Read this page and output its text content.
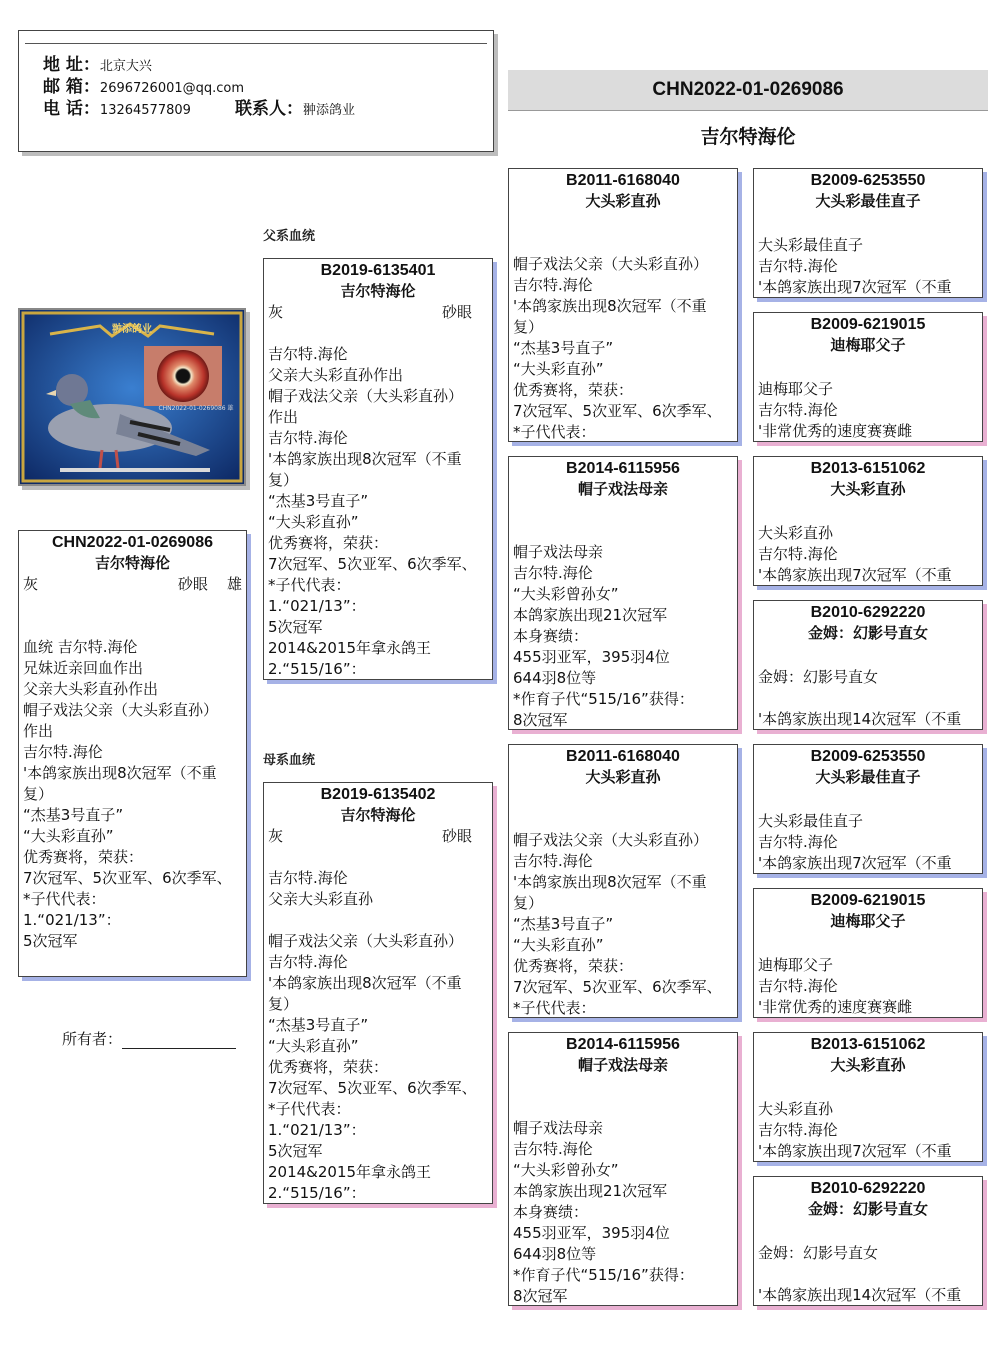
地 址：北京大兴
邮 箱：2696726001@qq.com
电 话：13264577809	联系人：翀添鸽业
CHN2022-01-0269086
吉尔特海伦
翀添鸽业
CHN2022-01-0269086 雄
CHN2022-01-0269086
吉尔特海伦
灰	砂眼 雄
血统 吉尔特.海伦
兄妹近亲回血作出
父亲大头彩直孙作出
帽子戏法父亲（大头彩直孙）
作出
吉尔特.海伦
'本鸽家族出现8次冠军（不重
复）
“杰基3号直子”
“大头彩直孙”
优秀赛将，荣获：
7次冠军、5次亚军、6次季军、
*子代代表：
1.“021/13”：
5次冠军
所有者：
父系血统
母系血统
B2019-6135401
吉尔特海伦
灰	砂眼
吉尔特.海伦
父亲大头彩直孙作出
帽子戏法父亲（大头彩直孙）
作出
吉尔特.海伦
'本鸽家族出现8次冠军（不重
复）
“杰基3号直子”
“大头彩直孙”
优秀赛将，荣获：
7次冠军、5次亚军、6次季军、
*子代代表：
1.“021/13”：
5次冠军
2014&2015年拿永鸽王
2.“515/16”：
B2019-6135402
吉尔特海伦
灰	砂眼
吉尔特.海伦
父亲大头彩直孙
帽子戏法父亲（大头彩直孙）
吉尔特.海伦
'本鸽家族出现8次冠军（不重
复）
“杰基3号直子”
“大头彩直孙”
优秀赛将，荣获：
7次冠军、5次亚军、6次季军、
*子代代表：
1.“021/13”：
5次冠军
2014&2015年拿永鸽王
2.“515/16”：
B2011-6168040
大头彩直孙
帽子戏法父亲（大头彩直孙）
吉尔特.海伦
'本鸽家族出现8次冠军（不重
复）
“杰基3号直子”
“大头彩直孙”
优秀赛将，荣获：
7次冠军、5次亚军、6次季军、
*子代代表：
B2014-6115956
帽子戏法母亲
帽子戏法母亲
吉尔特.海伦
“大头彩曾孙女”
本鸽家族出现21次冠军
本身赛绩：
455羽亚军，395羽4位
644羽8位等
*作育子代“515/16”获得：
8次冠军
B2011-6168040
大头彩直孙
帽子戏法父亲（大头彩直孙）
吉尔特.海伦
'本鸽家族出现8次冠军（不重
复）
“杰基3号直子”
“大头彩直孙”
优秀赛将，荣获：
7次冠军、5次亚军、6次季军、
*子代代表：
B2014-6115956
帽子戏法母亲
帽子戏法母亲
吉尔特.海伦
“大头彩曾孙女”
本鸽家族出现21次冠军
本身赛绩：
455羽亚军，395羽4位
644羽8位等
*作育子代“515/16”获得：
8次冠军
B2009-6253550
大头彩最佳直子
大头彩最佳直子
吉尔特.海伦
'本鸽家族出现7次冠军（不重
B2009-6219015
迪梅耶父子
迪梅耶父子
吉尔特.海伦
'非常优秀的速度赛赛雌
B2013-6151062
大头彩直孙
大头彩直孙
吉尔特.海伦
'本鸽家族出现7次冠军（不重
B2010-6292220
金姆：幻影号直女
金姆：幻影号直女
'本鸽家族出现14次冠军（不重
B2009-6253550
大头彩最佳直子
大头彩最佳直子
吉尔特.海伦
'本鸽家族出现7次冠军（不重
B2009-6219015
迪梅耶父子
迪梅耶父子
吉尔特.海伦
'非常优秀的速度赛赛雌
B2013-6151062
大头彩直孙
大头彩直孙
吉尔特.海伦
'本鸽家族出现7次冠军（不重
B2010-6292220
金姆：幻影号直女
金姆：幻影号直女
'本鸽家族出现14次冠军（不重
